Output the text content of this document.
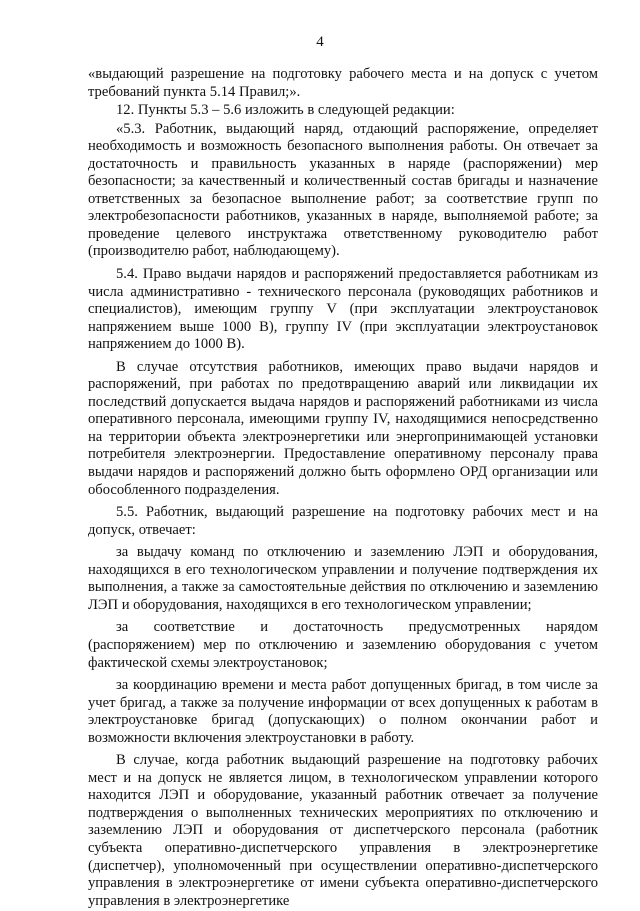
4

«выдающий разрешение на подготовку рабочего места и на допуск с учетом требований пункта 5.14 Правил;».

12. Пункты 5.3 – 5.6 изложить в следующей редакции:

«5.3. Работник, выдающий наряд, отдающий распоряжение, определяет необходимость и возможность безопасного выполнения работы. Он отвечает за достаточность и правильность указанных в наряде (распоряжении) мер безопасности; за качественный и количественный состав бригады и назначение ответственных за безопасное выполнение работ; за соответствие групп по электробезопасности работников, указанных в наряде, выполняемой работе; за проведение целевого инструктажа ответственному руководителю работ (производителю работ, наблюдающему).

5.4. Право выдачи нарядов и распоряжений предоставляется работникам из числа административно - технического персонала (руководящих работников и специалистов), имеющим группу V (при эксплуатации электроустановок напряжением выше 1000 В), группу IV (при эксплуатации электроустановок напряжением до 1000 В).

В случае отсутствия работников, имеющих право выдачи нарядов и распоряжений, при работах по предотвращению аварий или ликвидации их последствий допускается выдача нарядов и распоряжений работниками из числа оперативного персонала, имеющими группу IV, находящимися непосредственно на территории объекта электроэнергетики или энергопринимающей установки потребителя электроэнергии. Предоставление оперативному персоналу права выдачи нарядов и распоряжений должно быть оформлено ОРД организации или обособленного подразделения.

5.5. Работник, выдающий разрешение на подготовку рабочих мест и на допуск, отвечает:

за выдачу команд по отключению и заземлению ЛЭП и оборудования, находящихся в его технологическом управлении и получение подтверждения их выполнения, а также за самостоятельные действия по отключению и заземлению ЛЭП и оборудования, находящихся в его технологическом управлении;

за соответствие и достаточность предусмотренных нарядом (распоряжением) мер по отключению и заземлению оборудования с учетом фактической схемы электроустановок;

за координацию времени и места работ допущенных бригад, в том числе за учет бригад, а также за получение информации от всех допущенных к работам в электроустановке бригад (допускающих) о полном окончании работ и возможности включения электроустановки в работу.

В случае, когда работник выдающий разрешение на подготовку рабочих мест и на допуск не является лицом, в технологическом управлении которого находится ЛЭП и оборудование, указанный работник отвечает за получение подтверждения о выполненных технических мероприятиях по отключению и заземлению ЛЭП и оборудования от диспетчерского персонала (работник субъекта оперативно-диспетчерского управления в электроэнергетике (диспетчер), уполномоченный при осуществлении оперативно-диспетчерского управления в электроэнергетике от имени субъекта оперативно-диспетчерского управления в электроэнергетике
